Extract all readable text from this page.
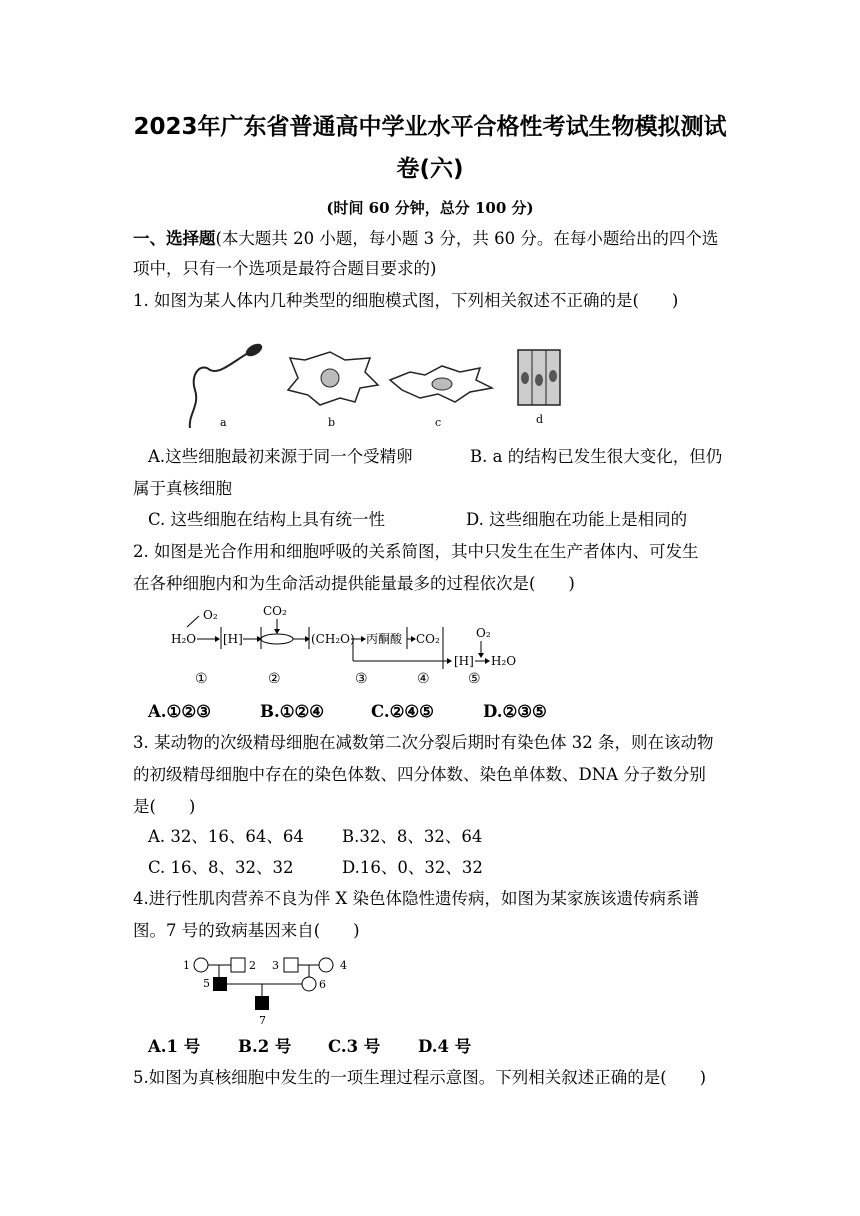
2023年广东省普通高中学业水平合格性考试生物模拟测试
卷(六)
(时间 60 分钟，总分 100 分)
一、选择题(本大题共 20 小题，每小题 3 分，共 60 分。在每小题给出的四个选
项中，只有一个选项是最符合题目要求的)
1. 如图为某人体内几种类型的细胞模式图，下列相关叙述不正确的是(　　)
a	b	c	d
A.这些细胞最初来源于同一个受精卵	B. a 的结构已发生很大变化，但仍
属于真核细胞
C. 这些细胞在结构上具有统一性	D. 这些细胞在功能上是相同的
2. 如图是光合作用和细胞呼吸的关系简图，其中只发生在生产者体内、可发生
在各种细胞内和为生命活动提供能量最多的过程依次是(　　)
O₂
H₂O [H]
CO₂
(CH₂O) 丙酮酸 CO₂
[H]
O₂
H₂O
①	②	③	④	⑤
A.①②③	B.①②④	C.②④⑤	D.②③⑤
3. 某动物的次级精母细胞在减数第二次分裂后期时有染色体 32 条，则在该动物
的初级精母细胞中存在的染色体数、四分体数、染色单体数、DNA 分子数分别
是(　　)
A. 32、16、64、64 B.32、8、32、64
C. 16、8、32、32	D.16、0、32、32
4.进行性肌肉营养不良为伴 X 染色体隐性遗传病，如图为某家族该遗传病系谱
图。7 号的致病基因来自(　　)
1	2 3	4
5	6
7
A.1 号 B.2 号 C.3 号 D.4 号
5.如图为真核细胞中发生的一项生理过程示意图。下列相关叙述正确的是(　　)
